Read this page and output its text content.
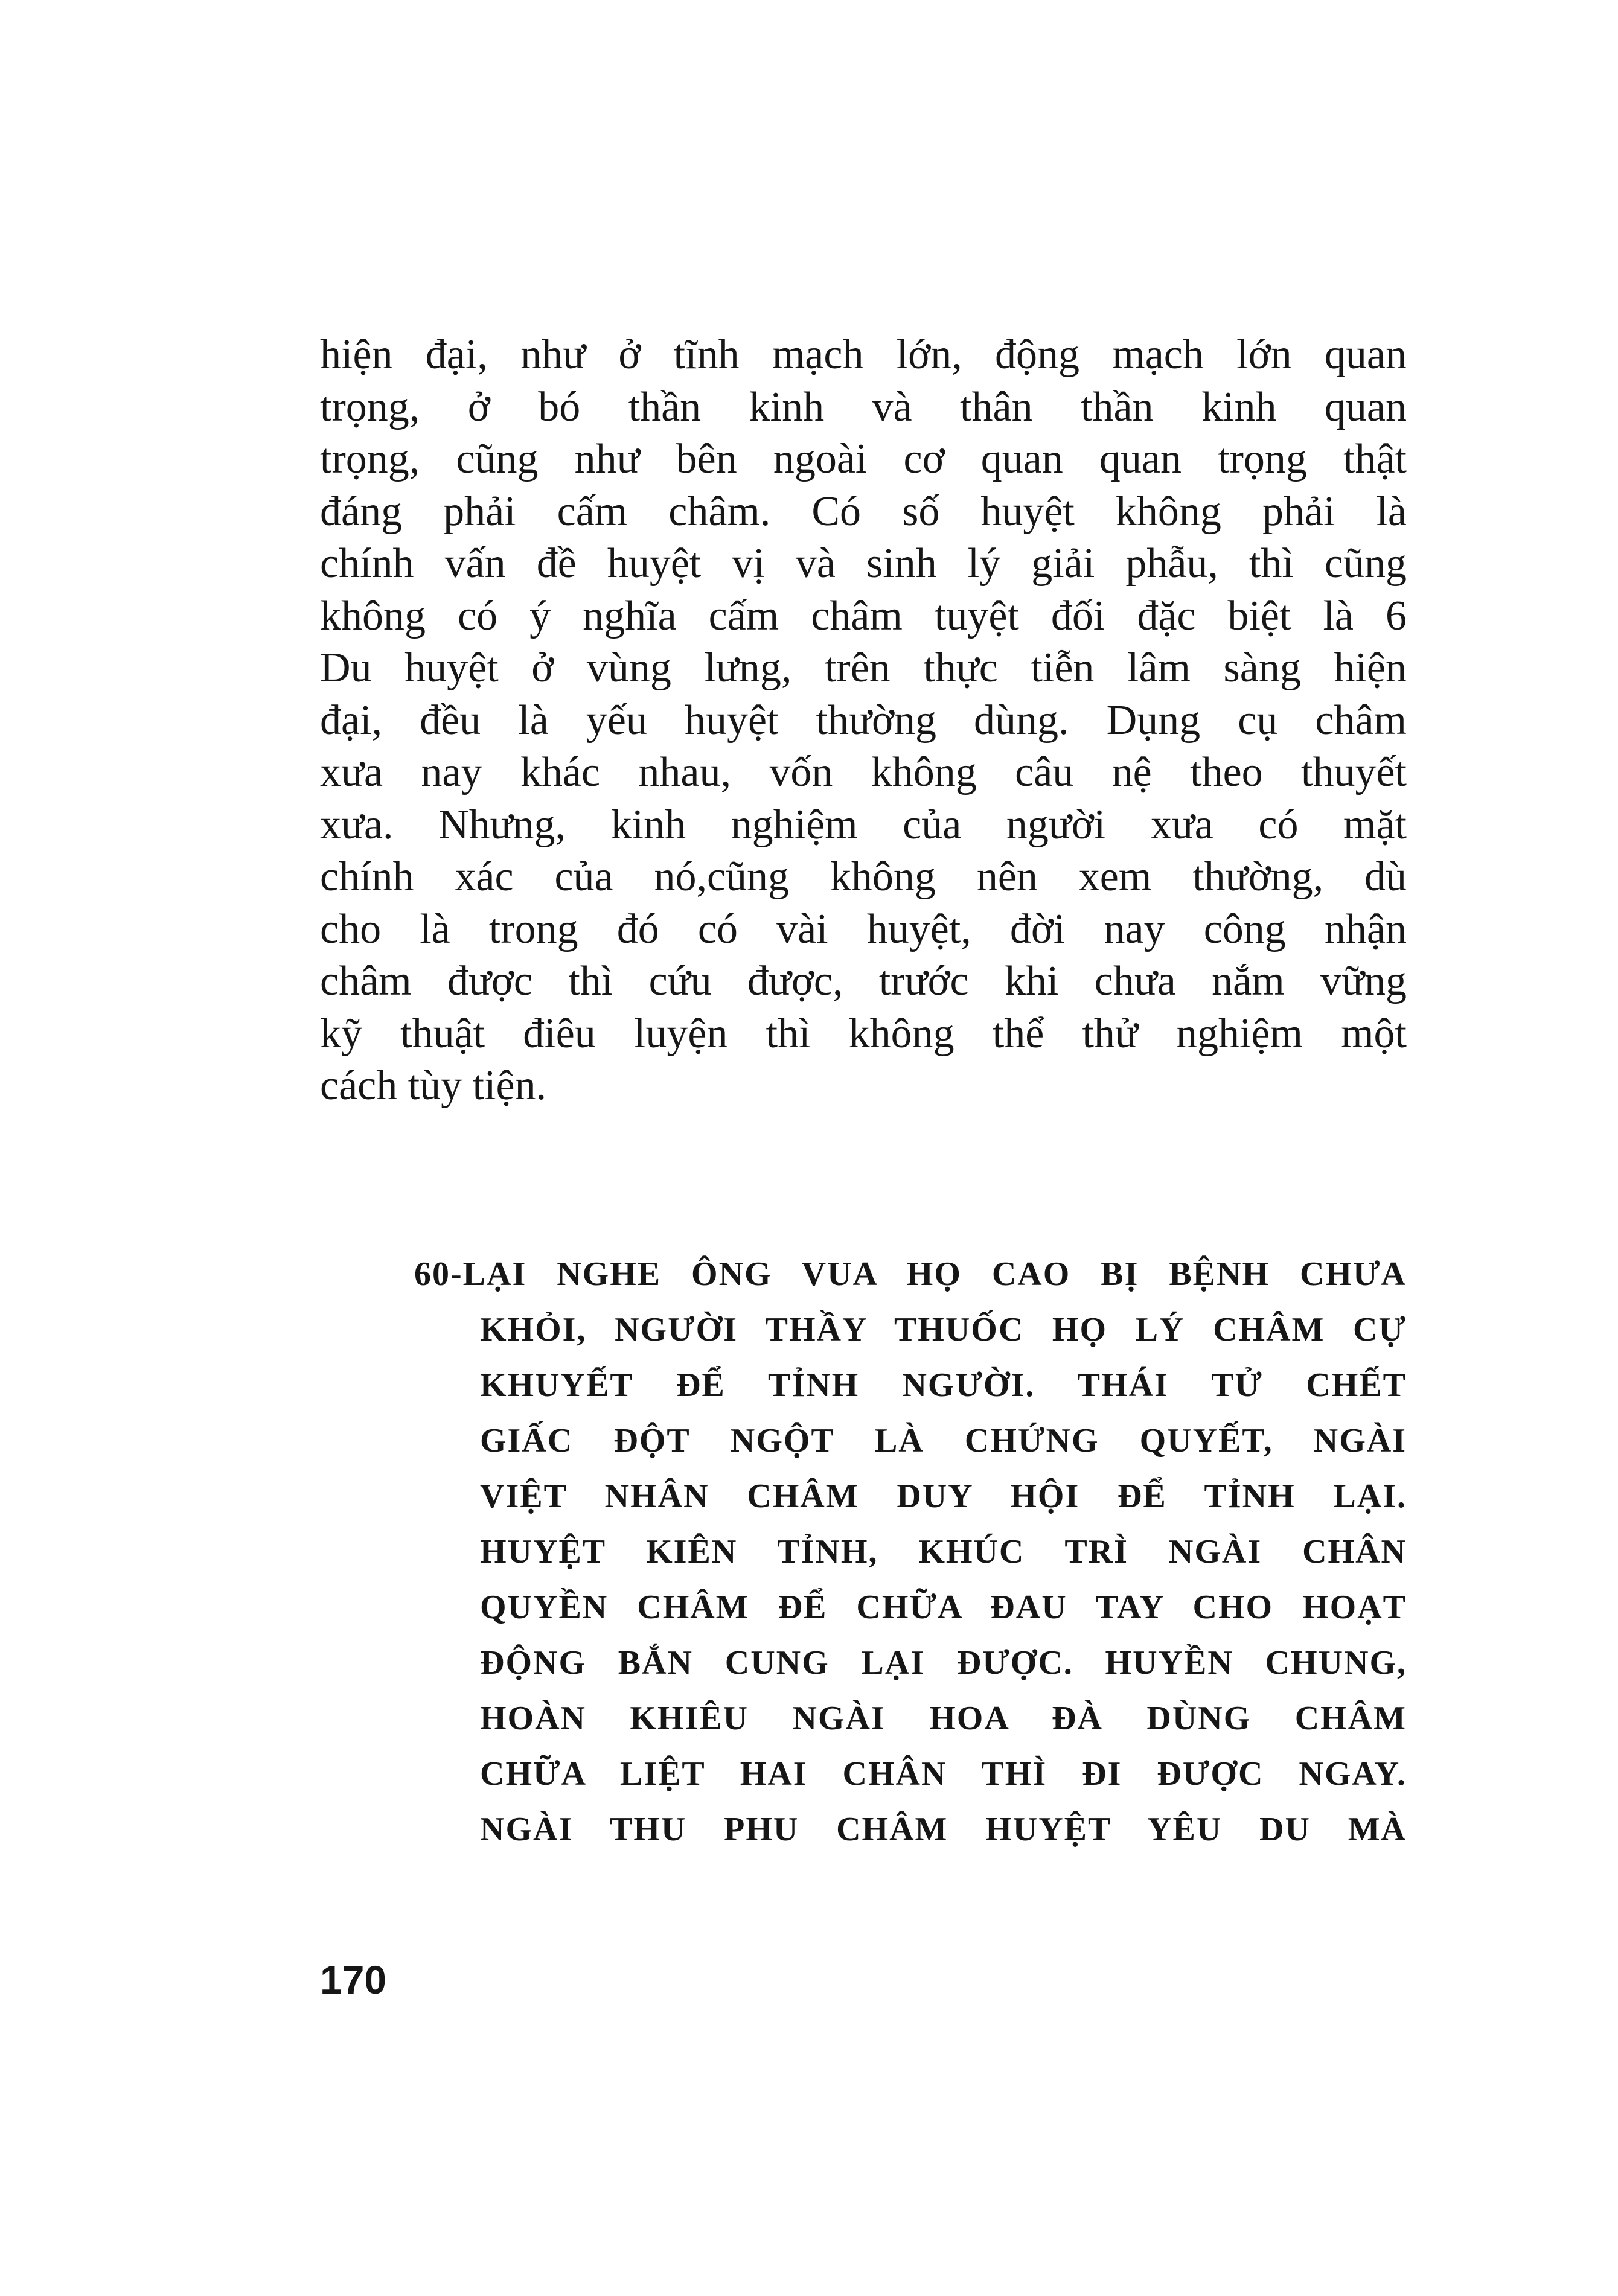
hiện đại, như ở tĩnh mạch lớn, động mạch lớn quan
trọng, ở bó thần kinh và thân thần kinh quan
trọng, cũng như bên ngoài cơ quan quan trọng thật
đáng phải cấm châm. Có số huyệt không phải là
chính vấn đề huyệt vị và sinh lý giải phẫu, thì cũng
không có ý nghĩa cấm châm tuyệt đối đặc biệt là 6
Du huyệt ở vùng lưng, trên thực tiễn lâm sàng hiện
đại, đều là yếu huyệt thường dùng. Dụng cụ châm
xưa nay khác nhau, vốn không câu nệ theo thuyết
xưa. Nhưng, kinh nghiệm của người xưa có mặt
chính xác của nó,cũng không nên xem thường, dù
cho là trong đó có vài huyệt, đời nay công nhận
châm được thì cứu được, trước khi chưa nắm vững
kỹ thuật điêu luyện thì không thể thử nghiệm một
cách tùy tiện.
60-LẠI NGHE ÔNG VUA HỌ CAO BỊ BỆNH CHƯA
KHỎI, NGƯỜI THẦY THUỐC HỌ LÝ CHÂM CỰ
KHUYẾT ĐỂ TỈNH NGƯỜI. THÁI TỬ CHẾT
GIẤC ĐỘT NGỘT LÀ CHỨNG QUYẾT, NGÀI
VIỆT NHÂN CHÂM DUY HỘI ĐỂ TỈNH LẠI.
HUYỆT KIÊN TỈNH, KHÚC TRÌ NGÀI CHÂN
QUYỀN CHÂM ĐỂ CHỮA ĐAU TAY CHO HOẠT
ĐỘNG BẮN CUNG LẠI ĐƯỢC. HUYỀN CHUNG,
HOÀN KHIÊU NGÀI HOA ĐÀ DÙNG CHÂM
CHỮA LIỆT HAI CHÂN THÌ ĐI ĐƯỢC NGAY.
NGÀI THU PHU CHÂM HUYỆT YÊU DU MÀ
170
